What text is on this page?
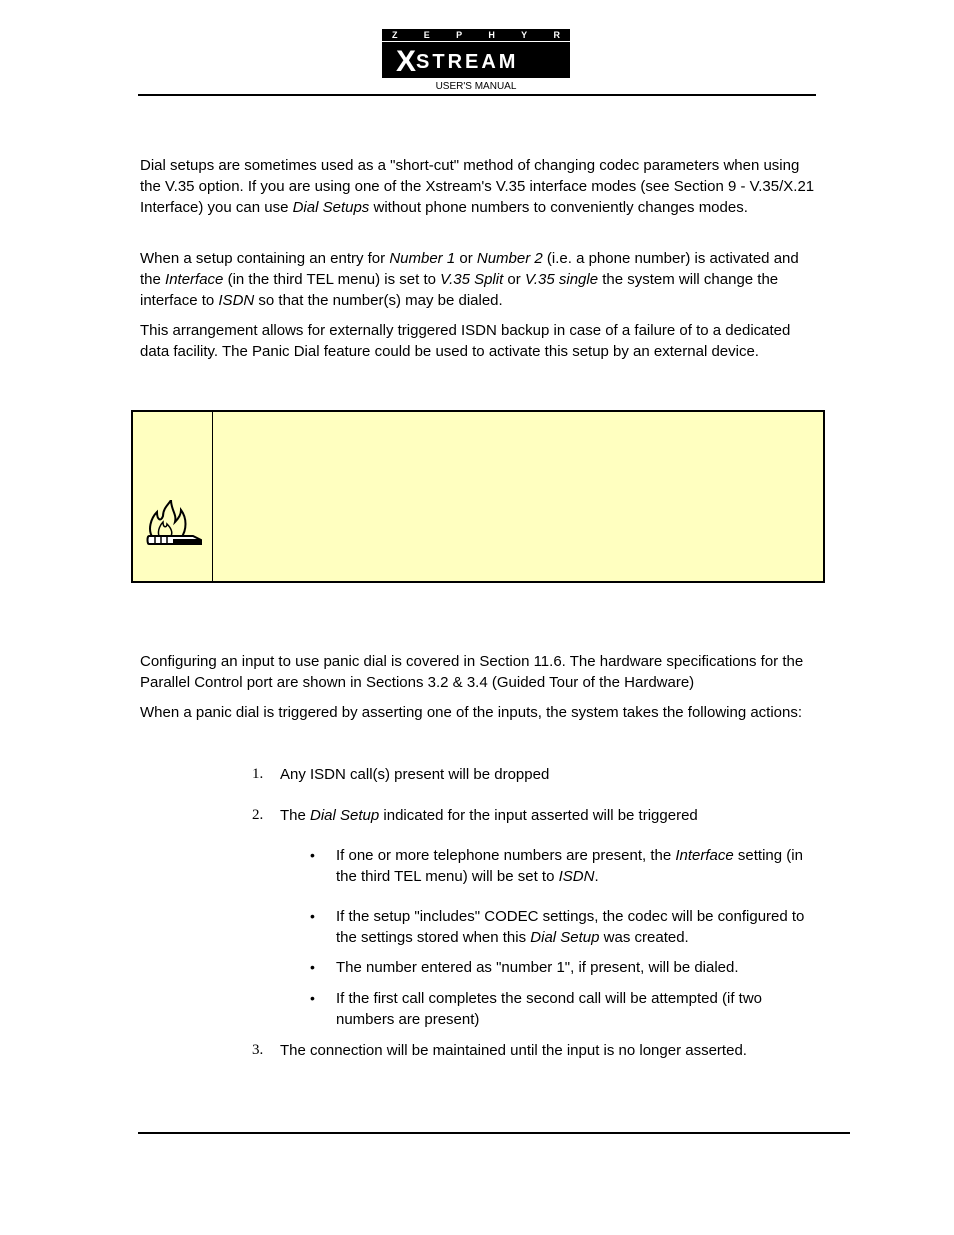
Z	E	P	H	Y	R
XSTREAM
USER'S MANUAL

Dial setups are sometimes used as a "short-cut" method of changing codec parameters when using the V.35 option. If you are using one of the Xstream's V.35 interface modes (see Section 9 - V.35/X.21 Interface) you can use Dial Setups without phone numbers to conveniently changes modes.

When a setup containing an entry for Number 1 or Number 2 (i.e. a phone number) is activated and the Interface (in the third TEL menu) is set to V.35 Split or V.35 single the system will change the interface to ISDN so that the number(s) may be dialed.

This arrangement allows for externally triggered ISDN backup in case of a failure of to a dedicated data facility. The Panic Dial feature could be used to activate this setup by an external device.

Configuring an input to use panic dial is covered in Section 11.6. The hardware specifications for the Parallel Control port are shown in Sections 3.2 & 3.4 (Guided Tour of the Hardware)

When a panic dial is triggered by asserting one of the inputs, the system takes the following actions:

1. Any ISDN call(s) present will be dropped
2. The Dial Setup indicated for the input asserted will be triggered
• If one or more telephone numbers are present, the Interface setting (in the third TEL menu) will be set to ISDN.
• If the setup "includes" CODEC settings, the codec will be configured to the settings stored when this Dial Setup was created.
• The number entered as "number 1", if present, will be dialed.
• If the first call completes the second call will be attempted (if two numbers are present)
3. The connection will be maintained until the input is no longer asserted.
